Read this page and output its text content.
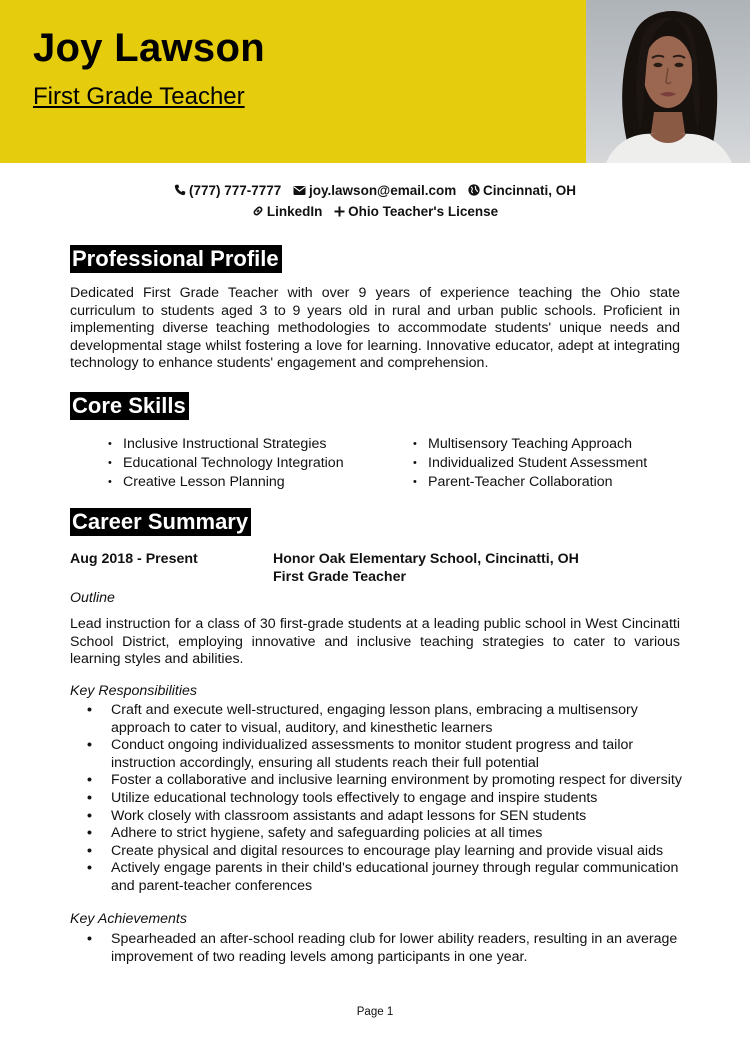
Joy Lawson
First Grade Teacher
(777) 777-7777 joy.lawson@email.com Cincinnati, OH
LinkedIn Ohio Teacher's License
Professional Profile

Dedicated First Grade Teacher with over 9 years of experience teaching the Ohio state curriculum to students aged 3 to 9 years old in rural and urban public schools. Proficient in implementing diverse teaching methodologies to accommodate students' unique needs and developmental stage whilst fostering a love for learning. Innovative educator, adept at integrating technology to enhance students' engagement and comprehension.

Core Skills
• Inclusive Instructional Strategies	• Multisensory Teaching Approach
• Educational Technology Integration	• Individualized Student Assessment
• Creative Lesson Planning	• Parent-Teacher Collaboration
Career Summary
Aug 2018 - Present	Honor Oak Elementary School, Cincinatti, OH
First Grade Teacher
Outline

Lead instruction for a class of 30 first-grade students at a leading public school in West Cincinatti School District, employing innovative and inclusive teaching strategies to cater to various learning styles and abilities.

Key Responsibilities
• Craft and execute well-structured, engaging lesson plans, embracing a multisensory approach to cater to visual, auditory, and kinesthetic learners
• Conduct ongoing individualized assessments to monitor student progress and tailor instruction accordingly, ensuring all students reach their full potential
• Foster a collaborative and inclusive learning environment by promoting respect for diversity
• Utilize educational technology tools effectively to engage and inspire students
• Work closely with classroom assistants and adapt lessons for SEN students
• Adhere to strict hygiene, safety and safeguarding policies at all times
• Create physical and digital resources to encourage play learning and provide visual aids
• Actively engage parents in their child's educational journey through regular communication and parent-teacher conferences
Key Achievements
• Spearheaded an after-school reading club for lower ability readers, resulting in an average improvement of two reading levels among participants in one year.
Page 1
